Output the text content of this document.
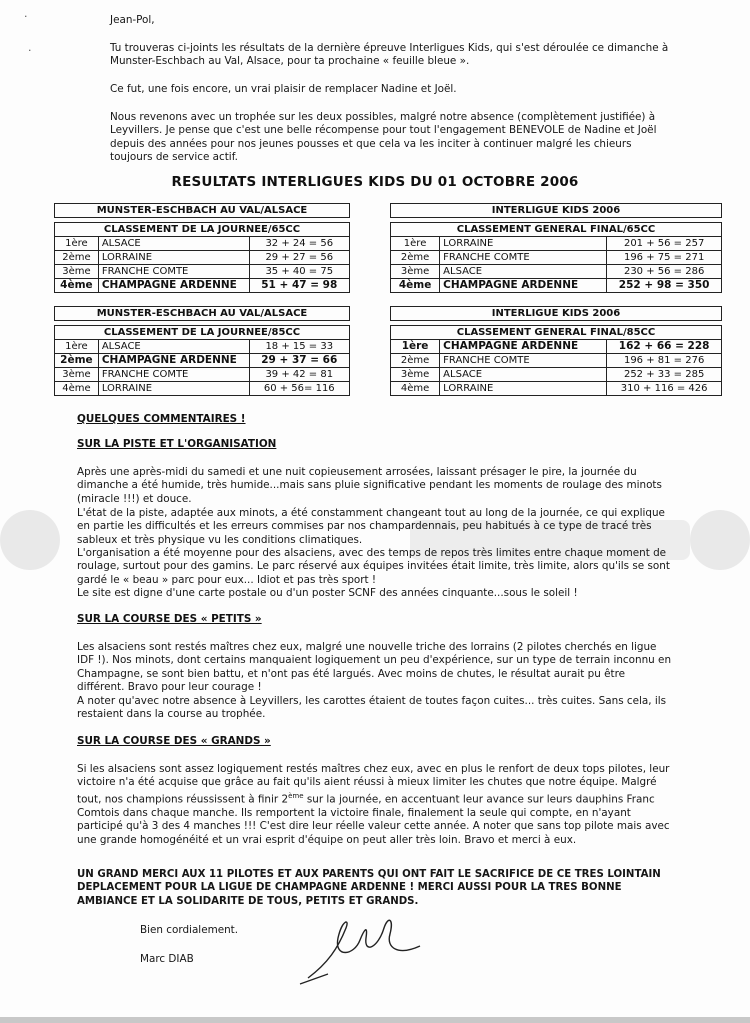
·
·
Jean-Pol,
Tu trouveras ci-joints les résultats de la dernière épreuve Interligues Kids, qui s'est déroulée ce dimanche à Munster-Eschbach au Val, Alsace, pour ta prochaine « feuille bleue ».
Ce fut, une fois encore, un vrai plaisir de remplacer Nadine et Joël.
Nous revenons avec un trophée sur les deux possibles, malgré notre absence (complètement justifiée) à Leyvillers. Je pense que c'est une belle récompense pour tout l'engagement BENEVOLE de Nadine et Joël depuis des années pour nos jeunes pousses et que cela va les inciter à continuer malgré les chieurs toujours de service actif.
RESULTATS INTERLIGUES KIDS DU 01 OCTOBRE 2006
MUNSTER-ESCHBACH AU VAL/ALSACE		

CLASSEMENT DE LA JOURNEE/65CC		
1ère	ALSACE	32 + 24 = 56
2ème	LORRAINE	29 + 27 = 56
3ème	FRANCHE COMTE	35 + 40 = 75
4ème	CHAMPAGNE ARDENNE	51 + 47 = 98
INTERLIGUE KIDS 2006		

CLASSEMENT GENERAL FINAL/65CC		
1ère	LORRAINE	201 + 56 = 257
2ème	FRANCHE COMTE	196 + 75 = 271
3ème	ALSACE	230 + 56 = 286
4ème	CHAMPAGNE ARDENNE	252 + 98 = 350
MUNSTER-ESCHBACH AU VAL/ALSACE		

CLASSEMENT DE LA JOURNEE/85CC		
1ère	ALSACE	18 + 15 = 33
2ème	CHAMPAGNE ARDENNE	29 + 37 = 66
3ème	FRANCHE COMTE	39 + 42 = 81
4ème	LORRAINE	60 + 56= 116
INTERLIGUE KIDS 2006		

CLASSEMENT GENERAL FINAL/85CC		
1ère	CHAMPAGNE ARDENNE	162 + 66 = 228
2ème	FRANCHE COMTE	196 + 81 = 276
3ème	ALSACE	252 + 33 = 285
4ème	LORRAINE	310 + 116 = 426
QUELQUES COMMENTAIRES !
SUR LA PISTE ET L'ORGANISATION
Après une après-midi du samedi et une nuit copieusement arrosées, laissant présager le pire, la journée du dimanche a été humide, très humide...mais sans pluie significative pendant les moments de roulage des minots (miracle !!!) et douce.
L'état de la piste, adaptée aux minots, a été constamment changeant tout au long de la journée, ce qui explique en partie les difficultés et les erreurs commises par nos champardennais, peu habitués à ce type de tracé très sableux et très physique vu les conditions climatiques.
L'organisation a été moyenne pour des alsaciens, avec des temps de repos très limites entre chaque moment de roulage, surtout pour des gamins. Le parc réservé aux équipes invitées était limite, très limite, alors qu'ils se sont gardé le « beau » parc pour eux... Idiot et pas très sport !
Le site est digne d'une carte postale ou d'un poster SCNF des années cinquante...sous le soleil !
SUR LA COURSE DES « PETITS »
Les alsaciens sont restés maîtres chez eux, malgré une nouvelle triche des lorrains (2 pilotes cherchés en ligue IDF !). Nos minots, dont certains manquaient logiquement un peu d'expérience, sur un type de terrain inconnu en Champagne, se sont bien battu, et n'ont pas été largués. Avec moins de chutes, le résultat aurait pu être différent. Bravo pour leur courage !
A noter qu'avec notre absence à Leyvillers, les carottes étaient de toutes façon cuites... très cuites. Sans cela, ils restaient dans la course au trophée.
SUR LA COURSE DES « GRANDS »
Si les alsaciens sont assez logiquement restés maîtres chez eux, avec en plus le renfort de deux tops pilotes, leur victoire n'a été acquise que grâce au fait qu'ils aient réussi à mieux limiter les chutes que notre équipe. Malgré tout, nos champions réussissent à finir 2ème sur la journée, en accentuant leur avance sur leurs dauphins Franc Comtois dans chaque manche. Ils remportent la victoire finale, finalement la seule qui compte, en n'ayant participé qu'à 3 des 4 manches !!! C'est dire leur réelle valeur cette année. A noter que sans top pilote mais avec une grande homogénéité et un vrai esprit d'équipe on peut aller très loin. Bravo et merci à eux.
UN GRAND MERCI AUX 11 PILOTES ET AUX PARENTS QUI ONT FAIT LE SACRIFICE DE CE TRES LOINTAIN DEPLACEMENT POUR LA LIGUE DE CHAMPAGNE ARDENNE ! MERCI AUSSI POUR LA TRES BONNE AMBIANCE ET LA SOLIDARITE DE TOUS, PETITS ET GRANDS.
Bien cordialement.
Marc DIAB
